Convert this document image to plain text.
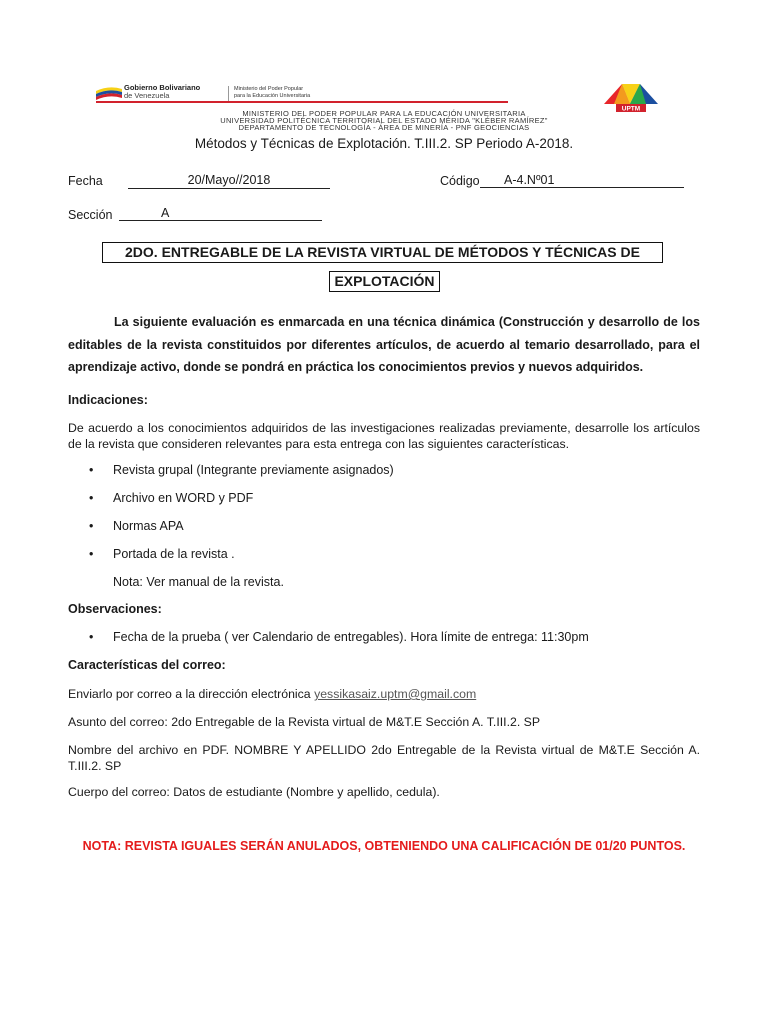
Gobierno Bolivariano
de Venezuela
Ministerio del Poder Popular
para la Educación Universitaria
UPTM
MINISTERIO DEL PODER POPULAR PARA LA EDUCACIÓN UNIVERSITARIA
UNIVERSIDAD POLITÉCNICA TERRITORIAL DEL ESTADO MÉRIDA "KLÉBER RAMÍREZ"
DEPARTAMENTO DE TECNOLOGÍA - ÁREA DE MINERÍA - PNF GEOCIENCIAS
Métodos y Técnicas de Explotación. T.III.2. SP Periodo A-2018.
Fecha	20/Mayo//2018	Código	A-4.Nº01
Sección	A
2DO. ENTREGABLE DE LA REVISTA VIRTUAL DE MÉTODOS Y TÉCNICAS DE
EXPLOTACIÓN
La siguiente evaluación es enmarcada en una técnica dinámica (Construcción y desarrollo de los editables de la revista constituidos por diferentes artículos, de acuerdo al temario desarrollado, para el aprendizaje activo, donde se pondrá en práctica los conocimientos previos y nuevos adquiridos.
Indicaciones:
De acuerdo a los conocimientos adquiridos de las investigaciones realizadas previamente, desarrolle los artículos de la revista que consideren relevantes para esta entrega con las siguientes características.
• Revista grupal (Integrante previamente asignados)
• Archivo en WORD y PDF
• Normas APA
• Portada de la revista .
Nota: Ver manual de la revista.
Observaciones:
• Fecha de la prueba ( ver Calendario de entregables). Hora límite de entrega: 11:30pm
Características del correo:
Enviarlo por correo a la dirección electrónica yessikasaiz.uptm@gmail.com
Asunto del correo: 2do Entregable de la Revista virtual de M&T.E Sección A. T.III.2. SP
Nombre del archivo en PDF. NOMBRE Y APELLIDO 2do Entregable de la Revista virtual de M&T.E Sección A. T.III.2. SP
Cuerpo del correo: Datos de estudiante (Nombre y apellido, cedula).
NOTA: REVISTA IGUALES SERÁN ANULADOS, OBTENIENDO UNA CALIFICACIÓN DE 01/20 PUNTOS.
